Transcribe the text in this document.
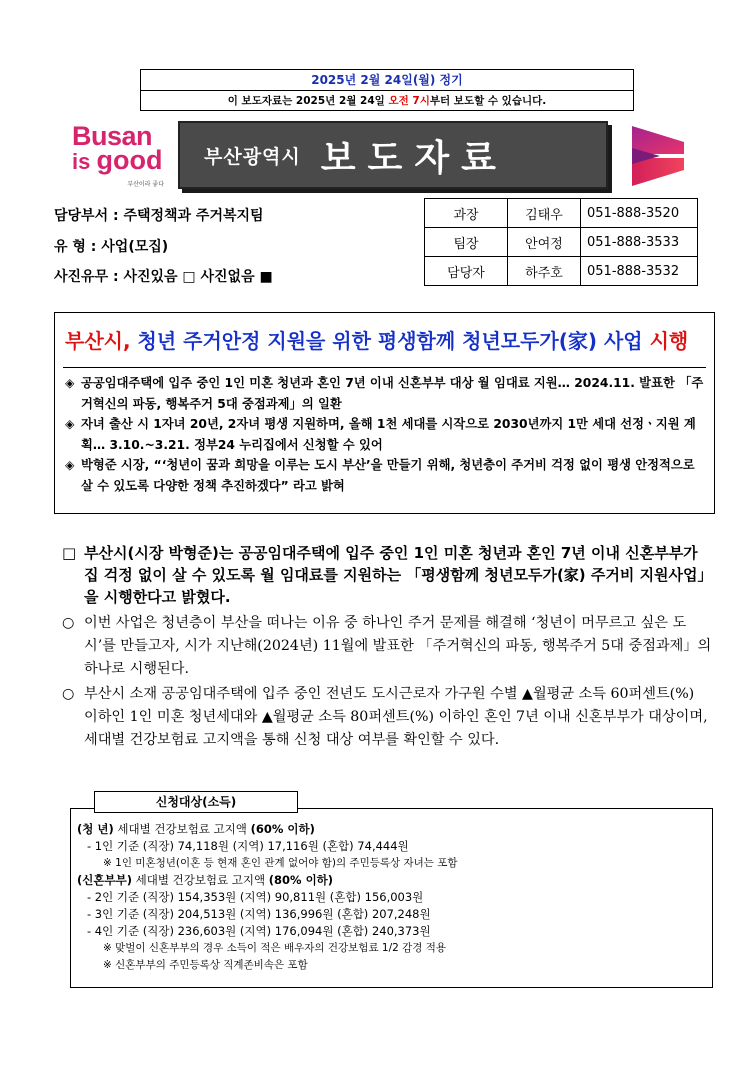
2025년 2월 24일(월) 정기
이 보도자료는 2025년 2월 24일 오전 7시부터 보도할 수 있습니다.
Busan
is good
부산이라 좋다
부산광역시 보도자료
담당부서 : 주택정책과 주거복지팀
유 형 : 사업(모집)
사진유무 : 사진있음 □ 사진없음 ■
과장	김태우	051-888-3520
팀장	안여정	051-888-3533
담당자	하주호	051-888-3532
부산시, 청년 주거안정 지원을 위한 평생함께 청년모두가(家) 사업 시행
◈ 공공임대주택에 입주 중인 1인 미혼 청년과 혼인 7년 이내 신혼부부 대상 월 임대료 지원… 2024.11. 발표한 「주거혁신의 파동, 행복주거 5대 중점과제」의 일환
◈ 자녀 출산 시 1자녀 20년, 2자녀 평생 지원하며, 올해 1천 세대를 시작으로 2030년까지 1만 세대 선정ㆍ지원 계획… 3.10.~3.21. 정부24 누리집에서 신청할 수 있어
◈ 박형준 시장, “‘청년이 꿈과 희망을 이루는 도시 부산’을 만들기 위해, 청년층이 주거비 걱정 없이 평생 안정적으로 살 수 있도록 다양한 정책 추진하겠다” 라고 밝혀
□ 부산시(시장 박형준)는 공공임대주택에 입주 중인 1인 미혼 청년과 혼인 7년 이내 신혼부부가 집 걱정 없이 살 수 있도록 월 임대료를 지원하는 「평생함께 청년모두가(家) 주거비 지원사업」을 시행한다고 밝혔다.
○ 이번 사업은 청년층이 부산을 떠나는 이유 중 하나인 주거 문제를 해결해 ‘청년이 머무르고 싶은 도시’를 만들고자, 시가 지난해(2024년) 11월에 발표한 「주거혁신의 파동, 행복주거 5대 중점과제」의 하나로 시행된다.
○ 부산시 소재 공공임대주택에 입주 중인 전년도 도시근로자 가구원 수별 ▲월평균 소득 60퍼센트(%) 이하인 1인 미혼 청년세대와 ▲월평균 소득 80퍼센트(%) 이하인 혼인 7년 이내 신혼부부가 대상이며, 세대별 건강보험료 고지액을 통해 신청 대상 여부를 확인할 수 있다.
(청 년) 세대별 건강보험료 고지액 (60% 이하)
- 1인 기준 (직장) 74,118원 (지역) 17,116원 (혼합) 74,444원
※ 1인 미혼청년(이혼 등 현재 혼인 관계 없어야 함)의 주민등록상 자녀는 포함
(신혼부부) 세대별 건강보험료 고지액 (80% 이하)
- 2인 기준 (직장) 154,353원 (지역) 90,811원 (혼합) 156,003원
- 3인 기준 (직장) 204,513원 (지역) 136,996원 (혼합) 207,248원
- 4인 기준 (직장) 236,603원 (지역) 176,094원 (혼합) 240,373원
※ 맞벌이 신혼부부의 경우 소득이 적은 배우자의 건강보험료 1/2 감경 적용
※ 신혼부부의 주민등록상 직계존비속은 포함
신청대상(소득)
